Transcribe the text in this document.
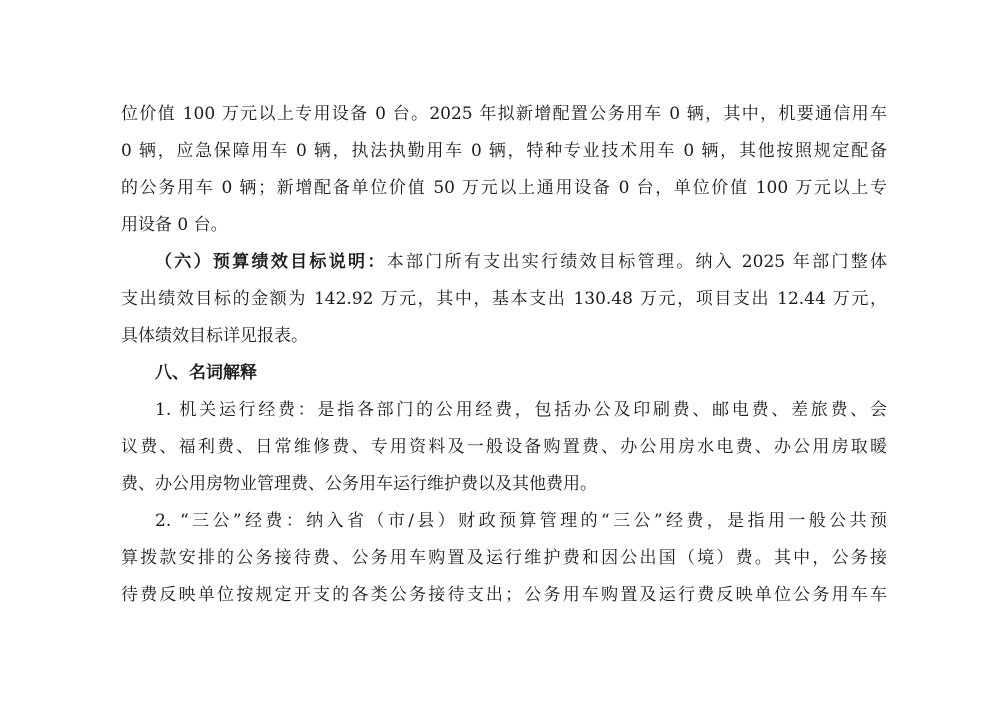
位价值 100 万元以上专用设备 0 台。2025 年拟新增配置公务用车 0 辆，其中，机要通信用车
0 辆，应急保障用车 0 辆，执法执勤用车 0 辆，特种专业技术用车 0 辆，其他按照规定配备
的公务用车 0 辆；新增配备单位价值 50 万元以上通用设备 0 台，单位价值 100 万元以上专
用设备 0 台。
（六）预算绩效目标说明：本部门所有支出实行绩效目标管理。纳入 2025 年部门整体
支出绩效目标的金额为 142.92 万元，其中，基本支出 130.48 万元，项目支出 12.44 万元，
具体绩效目标详见报表。
八、名词解释
1. 机关运行经费：是指各部门的公用经费，包括办公及印刷费、邮电费、差旅费、会
议费、福利费、日常维修费、专用资料及一般设备购置费、办公用房水电费、办公用房取暖
费、办公用房物业管理费、公务用车运行维护费以及其他费用。
2. “三公”经费：纳入省（市/县）财政预算管理的“三公”经费，是指用一般公共预
算拨款安排的公务接待费、公务用车购置及运行维护费和因公出国（境）费。其中，公务接
待费反映单位按规定开支的各类公务接待支出；公务用车购置及运行费反映单位公务用车车
